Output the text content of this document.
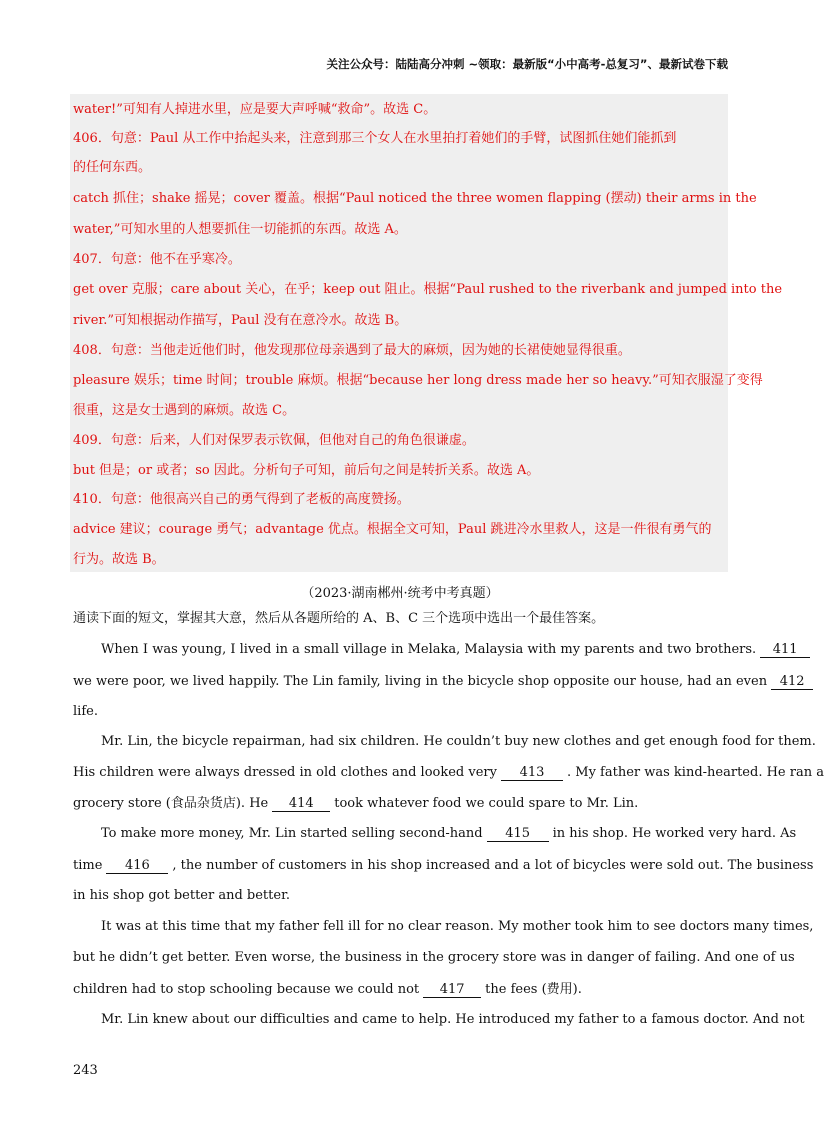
关注公众号：陆陆高分冲刺 ~领取：最新版“小中高考-总复习”、最新试卷下载
water!”可知有人掉进水里，应是要大声呼喊“救命”。故选 C。
406．句意：Paul 从工作中抬起头来，注意到那三个女人在水里拍打着她们的手臂，试图抓住她们能抓到
的任何东西。
catch 抓住；shake 摇晃；cover 覆盖。根据“Paul noticed the three women flapping (摆动) their arms in the
water,”可知水里的人想要抓住一切能抓的东西。故选 A。
407．句意：他不在乎寒冷。
get over 克服；care about 关心，在乎；keep out 阻止。根据“Paul rushed to the riverbank and jumped into the
river.”可知根据动作描写，Paul 没有在意冷水。故选 B。
408．句意：当他走近他们时，他发现那位母亲遇到了最大的麻烦，因为她的长裙使她显得很重。
pleasure 娱乐；time 时间；trouble 麻烦。根据“because her long dress made her so heavy.”可知衣服湿了变得
很重，这是女士遇到的麻烦。故选 C。
409．句意：后来，人们对保罗表示钦佩，但他对自己的角色很谦虚。
but 但是；or 或者；so 因此。分析句子可知，前后句之间是转折关系。故选 A。
410．句意：他很高兴自己的勇气得到了老板的高度赞扬。
advice 建议；courage 勇气；advantage 优点。根据全文可知，Paul 跳进冷水里救人，这是一件很有勇气的
行为。故选 B。
（2023·湖南郴州·统考中考真题）
通读下面的短文，掌握其大意，然后从各题所给的 A、B、C 三个选项中选出一个最佳答案。
When I was young, I lived in a small village in Melaka, Malaysia with my parents and two brothers. 411
we were poor, we lived happily. The Lin family, living in the bicycle shop opposite our house, had an even 412
life.
Mr. Lin, the bicycle repairman, had six children. He couldn’t buy new clothes and get enough food for them.
His children were always dressed in old clothes and looked very 413 . My father was kind-hearted. He ran a
grocery store (食品杂货店). He 414 took whatever food we could spare to Mr. Lin.
To make more money, Mr. Lin started selling second-hand 415 in his shop. He worked very hard. As
time 416 , the number of customers in his shop increased and a lot of bicycles were sold out. The business
in his shop got better and better.
It was at this time that my father fell ill for no clear reason. My mother took him to see doctors many times,
but he didn’t get better. Even worse, the business in the grocery store was in danger of failing. And one of us
children had to stop schooling because we could not 417 the fees (费用).
Mr. Lin knew about our difficulties and came to help. He introduced my father to a famous doctor. And not
243
